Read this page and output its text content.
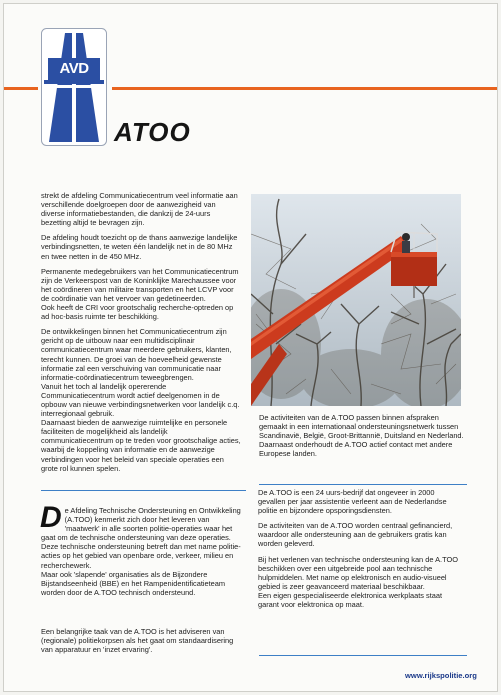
AVD
ATOO

strekt de afdeling Communicatiecentrum veel informatie aan verschillende doelgroepen door de aanwezigheid van diverse informatiebestanden, die dankzij de 24-uurs bezetting altijd te bevragen zijn.

De afdeling houdt toezicht op de thans aanwezige landelijke verbindingsnetten, te weten één landelijk net in de 80 MHz en twee netten in de 450 MHz.

Permanente medegebruikers van het Communicatiecentrum zijn de Verkeerspost van de Koninklijke Marechaussee voor het coördineren van militaire transporten en het LCVP voor de coördinatie van het vervoer van gedetineerden.

Ook heeft de CRI voor grootschalig recherche-optreden op ad hoc-basis ruimte ter beschikking.

De ontwikkelingen binnen het Communicatiecentrum zijn gericht op de uitbouw naar een multidisciplinair communicatiecentrum waar meerdere gebruikers, klanten, terecht kunnen. De groei van de hoeveelheid gewenste informatie zal een verschuiving van communicatie naar informatie-coördinatiecentrum teweegbrengen.

Vanuit het toch al landelijk opererende Communicatiecentrum wordt actief deelgenomen in de opbouw van nieuwe verbindingsnetwerken voor landelijk c.q. interregionaal gebruik.

Daarnaast bieden de aanwezige ruimtelijke en personele faciliteiten de mogelijkheid als landelijk communicatiecentrum op te treden voor grootschalige acties, waarbij de koppeling van informatie en de aanwezige verbindingen voor het beleid van speciale operaties een grote rol kunnen spelen.

D e Afdeling Technische Ondersteuning en Ontwikkeling (A.TOO) kenmerkt zich door het leveren van 'maatwerk' in alle soorten politie-operaties waar het gaat om de technische ondersteuning van deze operaties. Deze technische ondersteuning betreft dan met name politie-acties op het gebied van openbare orde, verkeer, milieu en recherchewerk.

Maar ook 'slapende' organisaties als de Bijzondere Bijstandseenheid (BBE) en het Rampenidentificatieteam worden door de A.TOO technisch ondersteund.

Een belangrijke taak van de A.TOO is het adviseren van (regionale) politiekorpsen als het gaat om standaardisering van apparatuur en 'inzet ervaring'.

De activiteiten van de A.TOO passen binnen afspraken gemaakt in een internationaal ondersteuningsnetwerk tussen Scandinavië, België, Groot-Brittannië, Duitsland en Nederland. Daarnaast onderhoudt de A.TOO actief contact met andere Europese landen.

De A.TOO is een 24 uurs-bedrijf dat ongeveer in 2000 gevallen per jaar assistentie verleent aan de Nederlandse politie en bijzondere opsporingsdiensten.

De activiteiten van de A.TOO worden centraal gefinancierd, waardoor alle ondersteuning aan de gebruikers gratis kan worden geleverd.

Bij het verlenen van technische ondersteuning kan de A.TOO beschikken over een uitgebreide pool aan technische hulpmiddelen. Met name op elektronisch en audio-visueel gebied is zeer geavanceerd materiaal beschikbaar.

Een eigen gespecialiseerde elektronica werkplaats staat garant voor elektronica op maat.

www.rijkspolitie.org
